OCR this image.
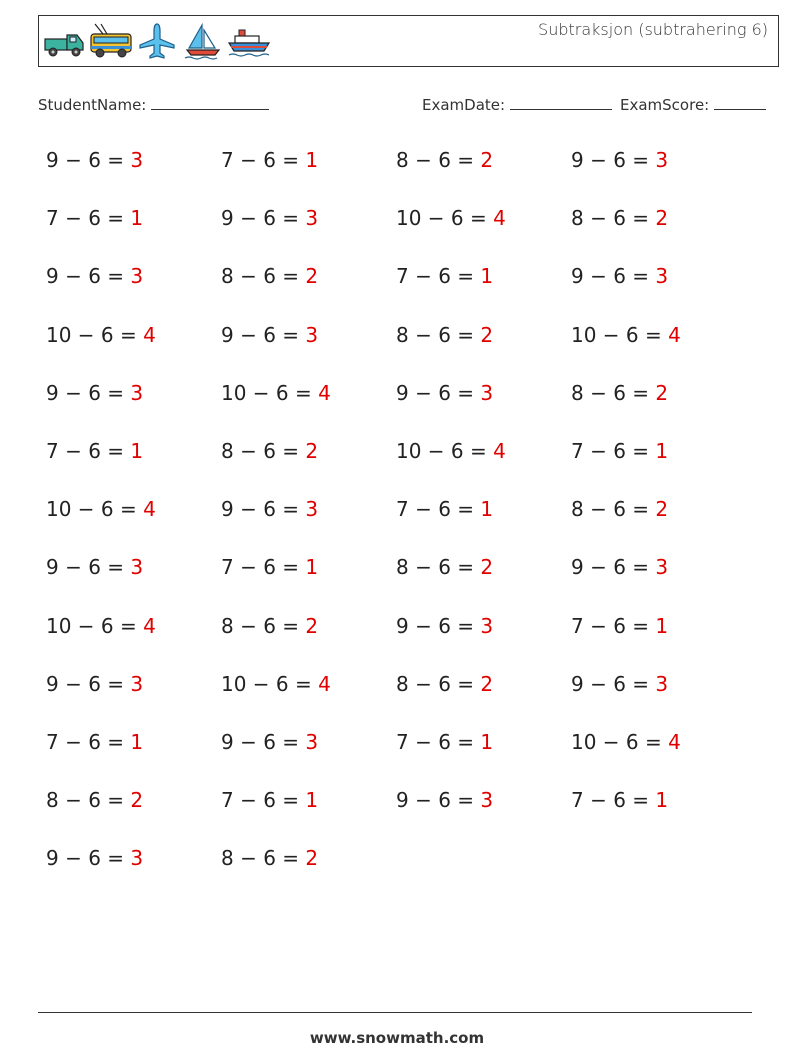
Subtraksjon (subtrahering 6)
StudentName:	ExamDate:	ExamScore:
9 − 6 = 3
7 − 6 = 1
9 − 6 = 3
10 − 6 = 4
9 − 6 = 3
7 − 6 = 1
10 − 6 = 4
9 − 6 = 3
10 − 6 = 4
9 − 6 = 3
7 − 6 = 1
8 − 6 = 2
9 − 6 = 3
7 − 6 = 1
9 − 6 = 3
8 − 6 = 2
9 − 6 = 3
10 − 6 = 4
8 − 6 = 2
9 − 6 = 3
7 − 6 = 1
8 − 6 = 2
10 − 6 = 4
9 − 6 = 3
7 − 6 = 1
8 − 6 = 2
8 − 6 = 2
10 − 6 = 4
7 − 6 = 1
8 − 6 = 2
9 − 6 = 3
10 − 6 = 4
7 − 6 = 1
8 − 6 = 2
9 − 6 = 3
8 − 6 = 2
7 − 6 = 1
9 − 6 = 3
9 − 6 = 3
8 − 6 = 2
9 − 6 = 3
10 − 6 = 4
8 − 6 = 2
7 − 6 = 1
8 − 6 = 2
9 − 6 = 3
7 − 6 = 1
9 − 6 = 3
10 − 6 = 4
7 − 6 = 1
www.snowmath.com
